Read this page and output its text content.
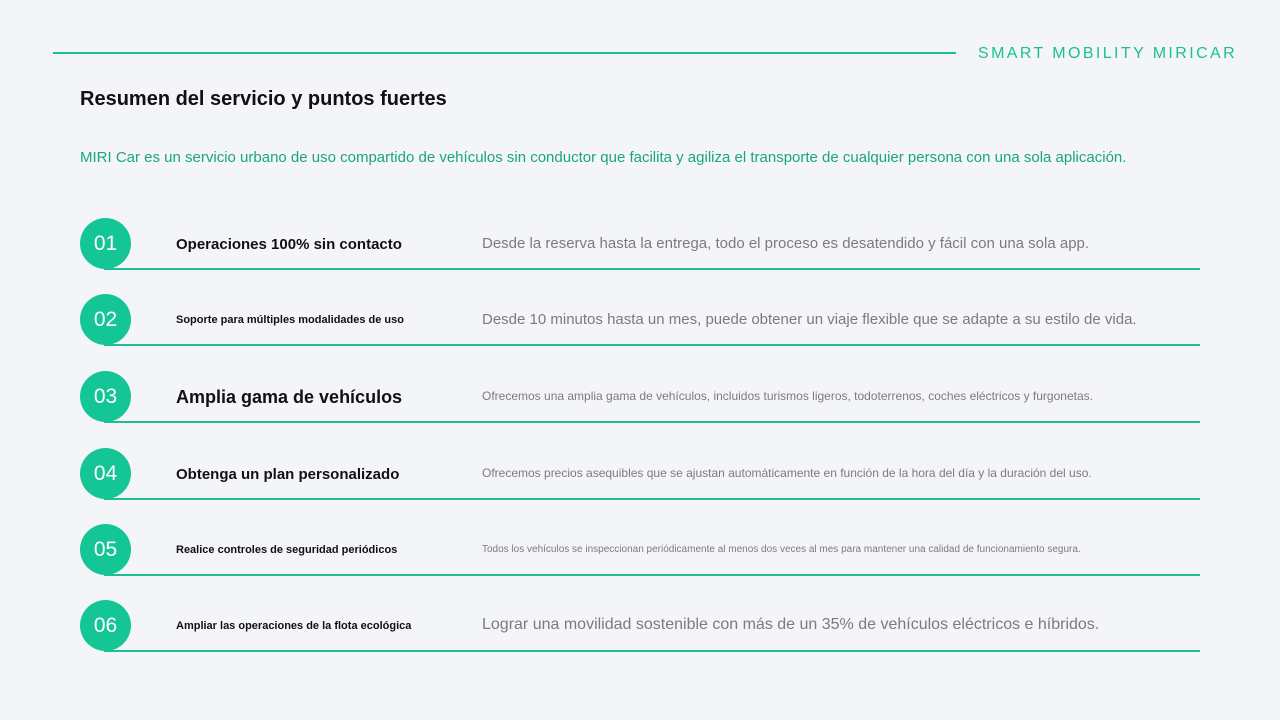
SMART MOBILITY MIRICAR
Resumen del servicio y puntos fuertes
MIRI Car es un servicio urbano de uso compartido de vehículos sin conductor que facilita y agiliza el transporte de cualquier persona con una sola aplicación.
01	Operaciones 100% sin contacto	Desde la reserva hasta la entrega, todo el proceso es desatendido y fácil con una sola app.
02	Soporte para múltiples modalidades de uso	Desde 10 minutos hasta un mes, puede obtener un viaje flexible que se adapte a su estilo de vida.
03	Amplia gama de vehículos	Ofrecemos una amplia gama de vehículos, incluidos turismos ligeros, todoterrenos, coches eléctricos y furgonetas.
04	Obtenga un plan personalizado	Ofrecemos precios asequibles que se ajustan automáticamente en función de la hora del día y la duración del uso.
05	Realice controles de seguridad periódicos	Todos los vehículos se inspeccionan periódicamente al menos dos veces al mes para mantener una calidad de funcionamiento segura.
06	Ampliar las operaciones de la flota ecológica	Lograr una movilidad sostenible con más de un 35% de vehículos eléctricos e híbridos.
